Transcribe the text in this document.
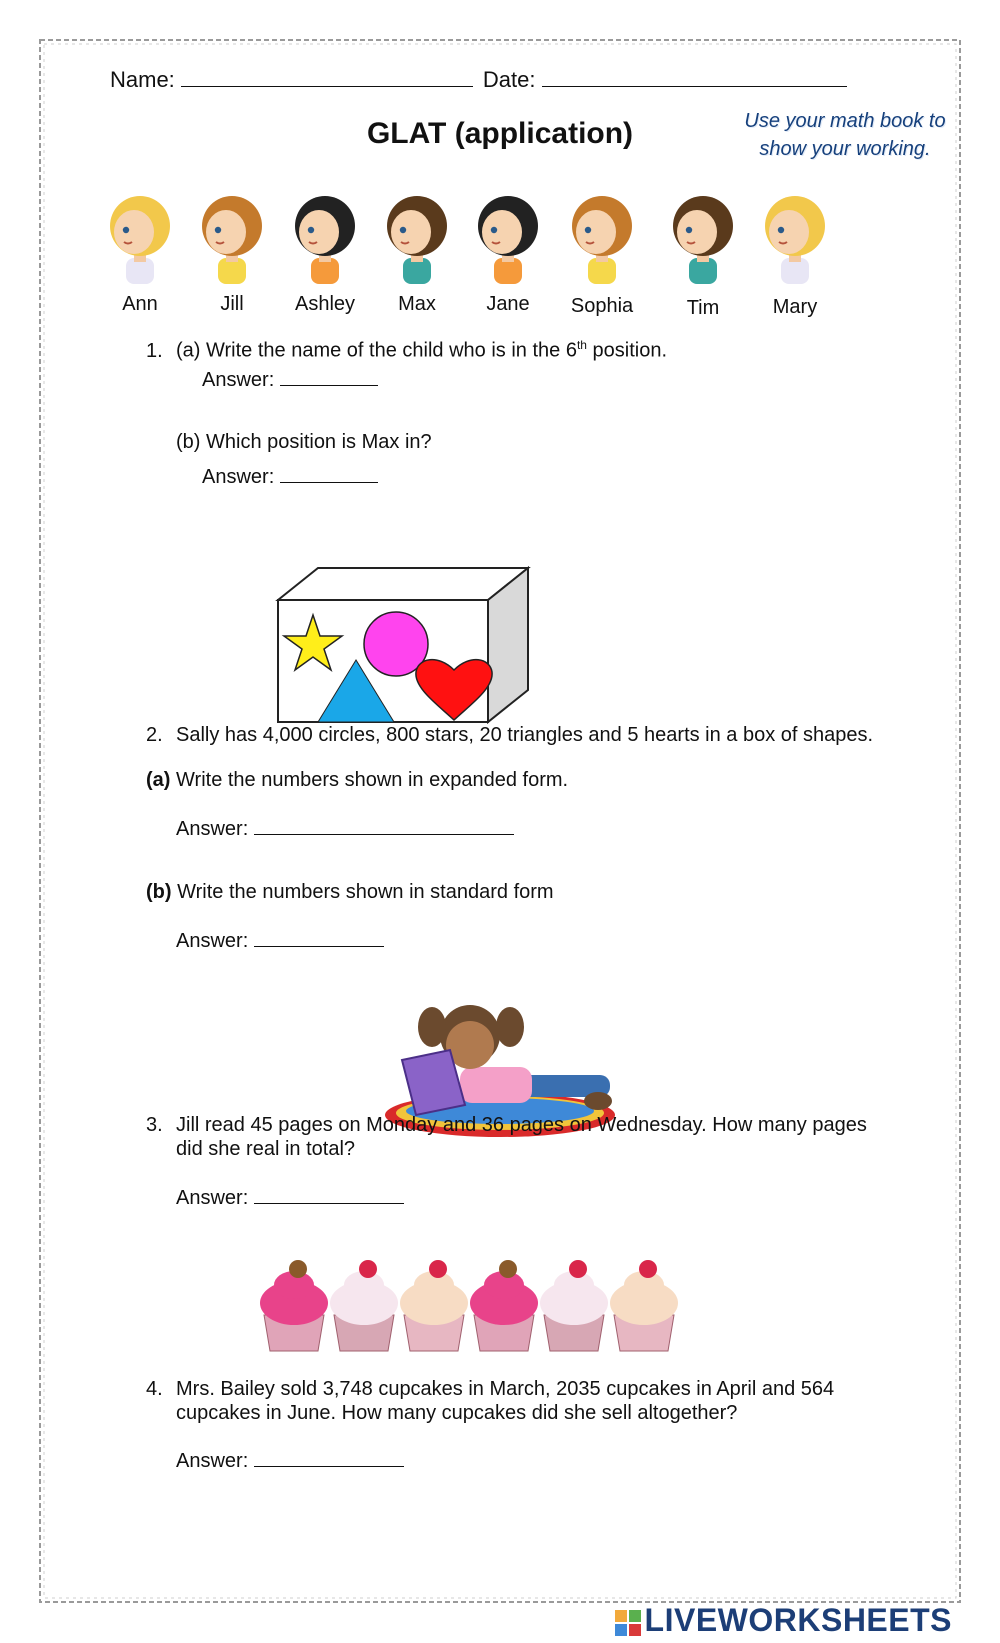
Name:	Date:
GLAT (application)	Use your math book to
show your working.
Ann	Jill	Ashley	Max	Jane	Sophia	Tim	Mary
1. (a) Write the name of the child who is in the 6th position.
Answer:
(b) Which position is Max in?
Answer:
2. Sally has 4,000 circles, 800 stars, 20 triangles and 5 hearts in a box of shapes.
(a) Write the numbers shown in expanded form.
Answer:
(b) Write the numbers shown in standard form
Answer:
3. Jill read 45 pages on Monday and 36 pages on Wednesday. How many pages
did she real in total?
Answer:
4. Mrs. Bailey sold 3,748 cupcakes in March, 2035 cupcakes in April and 564
cupcakes in June. How many cupcakes did she sell altogether?
Answer:
LIVEWORKSHEETS
